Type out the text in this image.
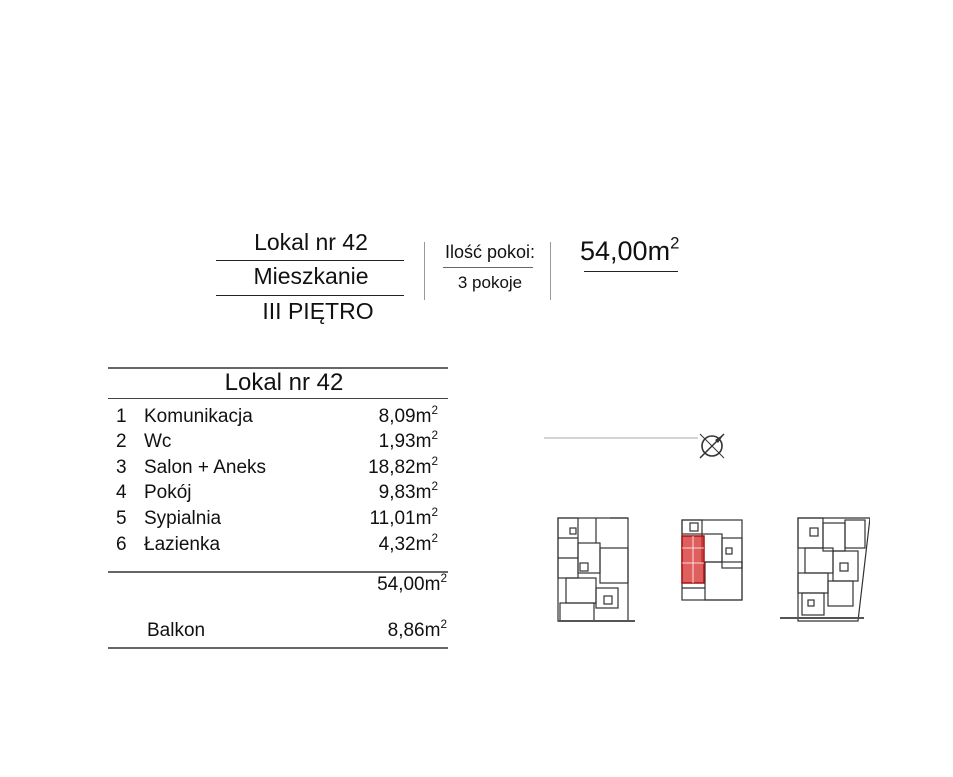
Lokal nr 42
Mieszkanie
III PIĘTRO
Ilość pokoi:
3 pokoje
$54,00m^2$
Lokal nr 42
1 Komunikacja	$8,09m^2$
2 Wc	$1,93m^2$
3 Salon + Aneks	$18,82m^2$
4 Pokój	$9,83m^2$
5 Sypialnia	$11,01m^2$
6 Łazienka	$4,32m^2$
$54,00m^2$
Balkon	$8,86m^2$
